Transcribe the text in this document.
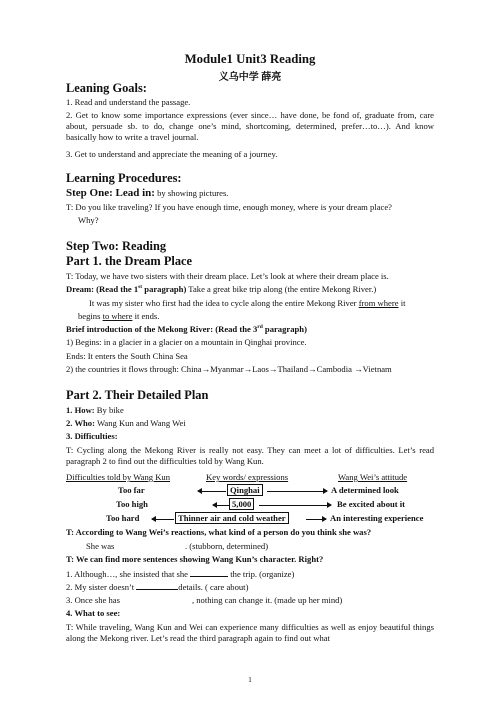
Module1 Unit3 Reading
义乌中学 薛亮
Leaning Goals:
1. Read and understand the passage.
2. Get to know some importance expressions (ever since… have done, be fond of, graduate from, care about, persuade sb. to do, change one’s mind, shortcoming, determined, prefer…to…). And know basically how to write a travel journal.
3. Get to understand and appreciate the meaning of a journey.
Learning Procedures:
Step One: Lead in: by showing pictures.
T: Do you like traveling? If you have enough time, enough money, where is your dream place?
Why?
Step Two: Reading
Part 1. the Dream Place
T: Today, we have two sisters with their dream place. Let’s look at where their dream place is.
Dream: (Read the 1st paragraph) Take a great bike trip along (the entire Mekong River.)
It was my sister who first had the idea to cycle along the entire Mekong River from where it
begins to where it ends.
Brief introduction of the Mekong River: (Read the 3rd paragraph)
1) Begins: in a glacier in a glacier on a mountain in Qinghai province.
Ends: It enters the South China Sea
2) the countries it flows through: China→Myanmar→Laos→Thailand→Cambodia →Vietnam
Part 2. Their Detailed Plan
1. How: By bike
2. Who: Wang Kun and Wang Wei
3. Difficulties:
T: Cycling along the Mekong River is really not easy. They can meet a lot of difficulties. Let’s read paragraph 2 to find out the difficulties told by Wang Kun.
Difficulties told by Wang Kun	Key words/ expressions	Wang Wei’s attitude
Too far	Qinghai	A determined look
Too high	5,000	Be excited about it
Too hard	Thinner air and cold weather	An interesting experience
T: According to Wang Wei’s reactions, what kind of a person do you think she was?
She was	. (stubborn, determined)
T: We can find more sentences showing Wang Kun’s character. Right?
1. Although…, she insisted that she	the trip. (organize)
2. My sister doesn’t	details. ( care about)
3. Once she has	, nothing can change it. (made up her mind)
4. What to see:
T: While traveling, Wang Kun and Wei can experience many difficulties as well as enjoy beautiful things along the Mekong river. Let’s read the third paragraph again to find out what
1
